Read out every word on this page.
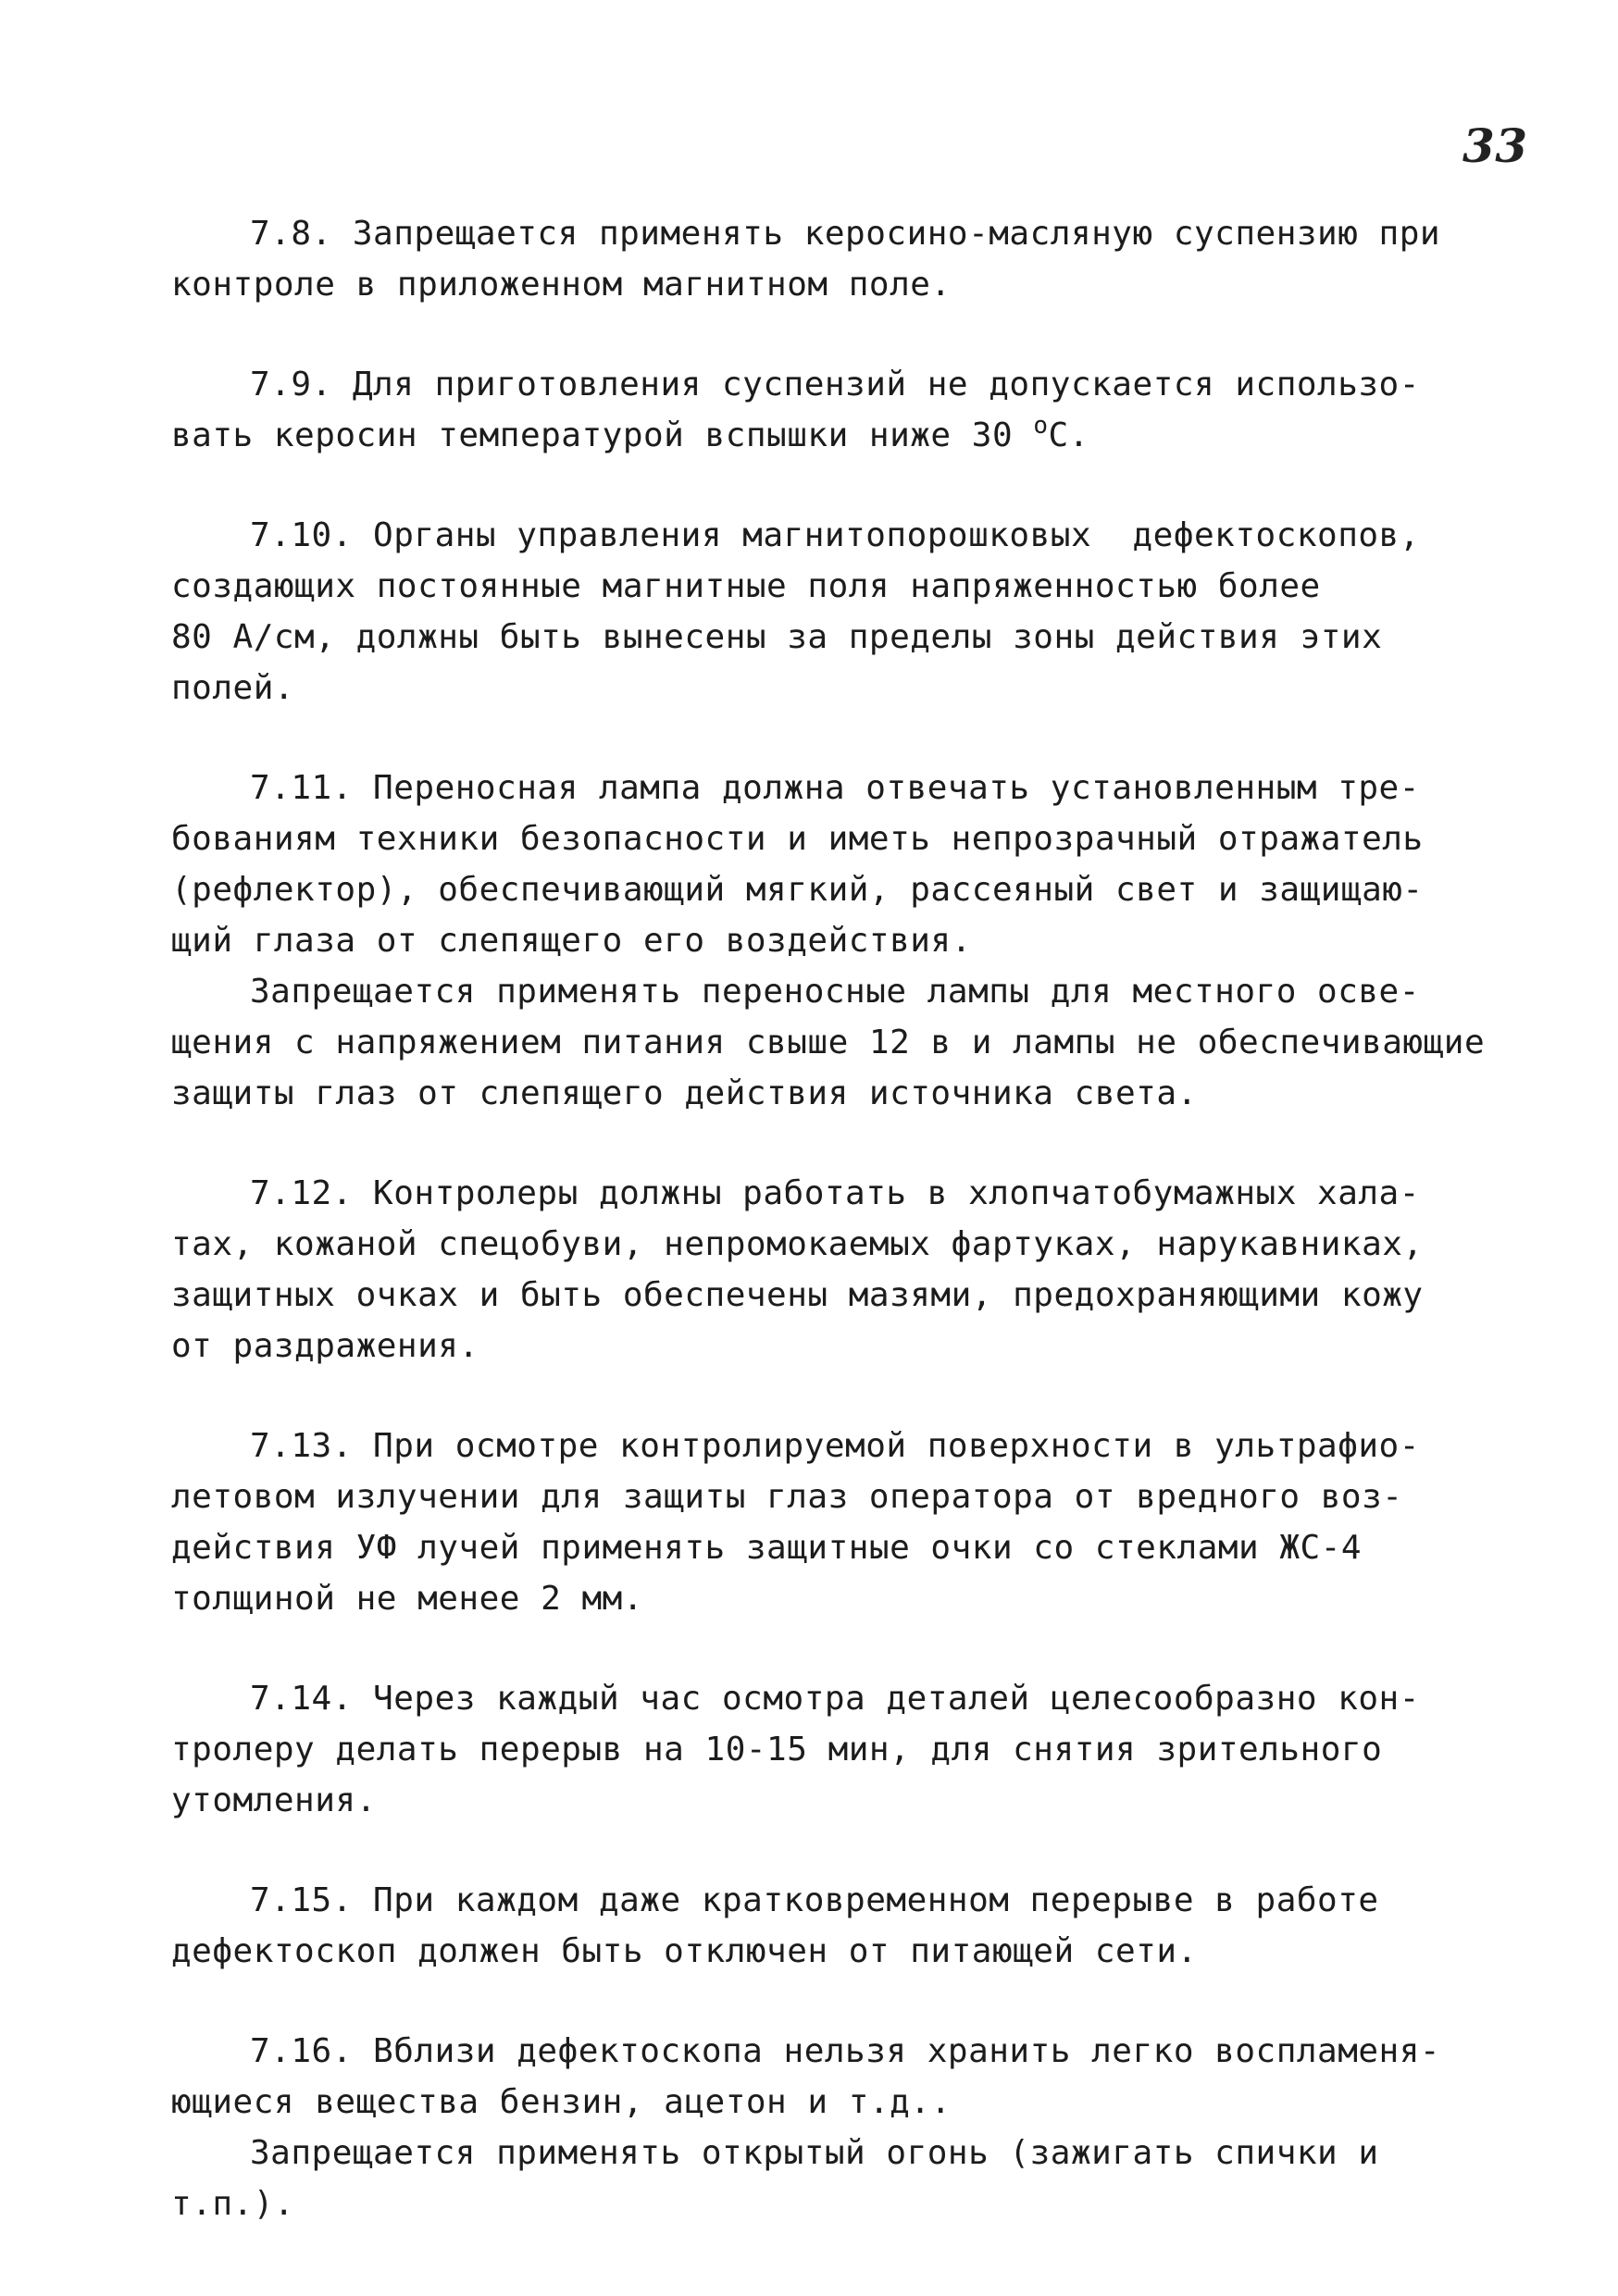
33
7.8. Запрещается применять керосино-масляную суспензию при
контроле в приложенном магнитном поле.
7.9. Для приготовления суспензий не допускается использо-
вать керосин температурой вспышки ниже 30 $^о$С.
7.10. Органы управления магнитопорошковых  дефектоскопов,
создающих постоянные магнитные поля напряженностью более
80 А/см, должны быть вынесены за пределы зоны действия этих
полей.
7.11. Переносная лампа должна отвечать установленным тре-
бованиям техники безопасности и иметь непрозрачный отражатель
(рефлектор), обеспечивающий мягкий, рассеяный свет и защищаю-
щий глаза от слепящего его воздействия.
Запрещается применять переносные лампы для местного осве-
щения с напряжением питания свыше 12 в и лампы не обеспечивающие
защиты глаз от слепящего действия источника света.
7.12. Контролеры должны работать в хлопчатобумажных хала-
тах, кожаной спецобуви, непромокаемых фартуках, нарукавниках,
защитных очках и быть обеспечены мазями, предохраняющими кожу
от раздражения.
7.13. При осмотре контролируемой поверхности в ультрафио-
летовом излучении для защиты глаз оператора от вредного воз-
действия УФ лучей применять защитные очки со стеклами ЖС-4
толщиной не менее 2 мм.
7.14. Через каждый час осмотра деталей целесообразно кон-
тролеру делать перерыв на 10-15 мин, для снятия зрительного
утомления.
7.15. При каждом даже кратковременном перерыве в работе
дефектоскоп должен быть отключен от питающей сети.
7.16. Вблизи дефектоскопа нельзя хранить легко воспламеня-
ющиеся вещества бензин, ацетон и т.д..
Запрещается применять открытый огонь (зажигать спички и
т.п.).
